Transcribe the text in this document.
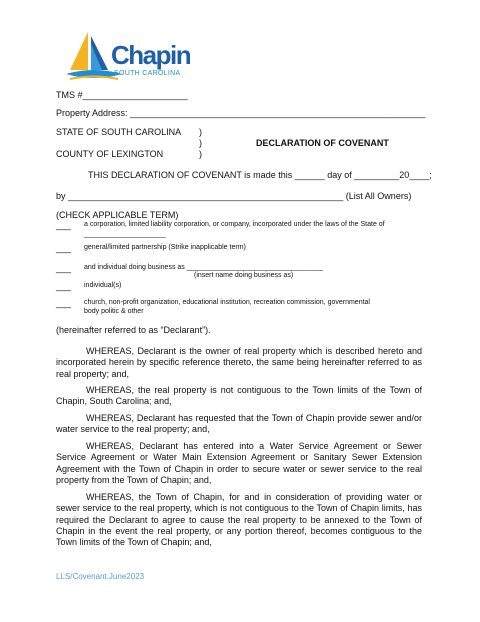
Chapin
SOUTH CAROLINA
TMS #_____________________
Property Address: ___________________________________________________________
STATE OF SOUTH CAROLINA )
)
)
DECLARATION OF COVENANT
COUNTY OF LEXINGTON
THIS DECLARATION OF COVENANT is made this ______ day of _________20____;
by _______________________________________________________ (List All Owners)
(CHECK APPLICABLE TERM)
___ a corporation, limited liability corporation, or company, incorporated under the laws of the State of
_____________________
___ general/limited partnership (Strike inapplicable term)
___ and individual doing business as ___________________________________
(insert name doing business as)
___ individual(s)
___ church, non-profit organization, educational institution, recreation commission, governmental
body politic & other
(hereinafter referred to as “Declarant”).
WHEREAS, Declarant is the owner of real property which is described hereto and incorporated herein by specific reference thereto, the same being hereinafter referred to as real property; and,
WHEREAS, the real property is not contiguous to the Town limits of the Town of Chapin, South Carolina; and,
WHEREAS, Declarant has requested that the Town of Chapin provide sewer and/or water service to the real property; and,
WHEREAS, Declarant has entered into a Water Service Agreement or Sewer Service Agreement or Water Main Extension Agreement or Sanitary Sewer Extension Agreement with the Town of Chapin in order to secure water or sewer service to the real property from the Town of Chapin; and,
WHEREAS, the Town of Chapin, for and in consideration of providing water or sewer service to the real property, which is not contiguous to the Town of Chapin limits, has required the Declarant to agree to cause the real property to be annexed to the Town of Chapin in the event the real property, or any portion thereof, becomes contiguous to the Town limits of the Town of Chapin; and,
LLS/Covenant.June2023
